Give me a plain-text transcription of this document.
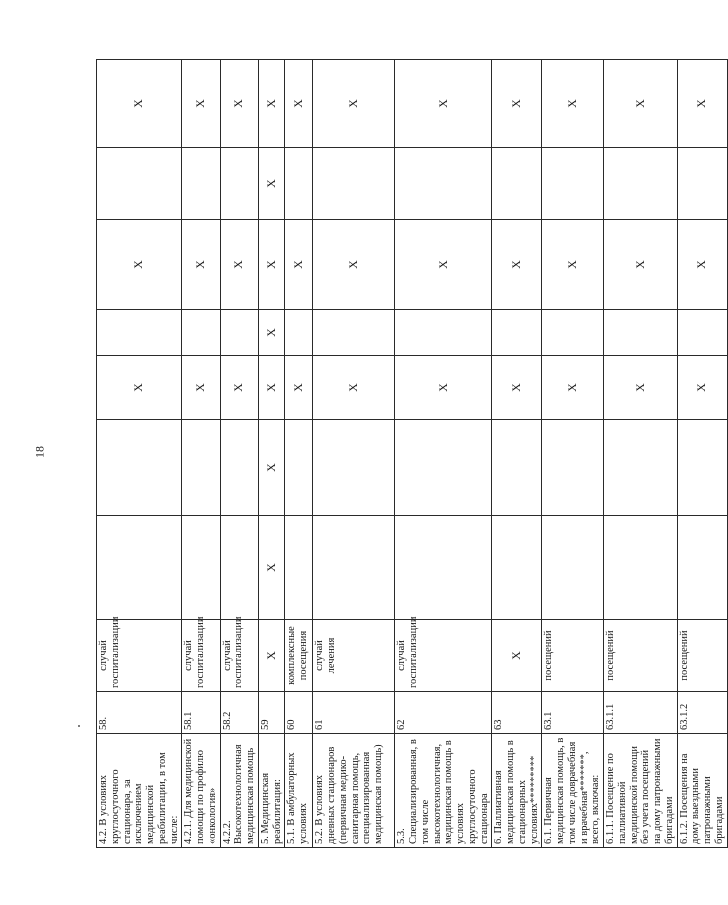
18
4.2. В условиях круглосуточного стационара, за исключением медицинской реабилитации, в том числе:	58.	случай госпитализации			X		X		X
4.2.1. Для медицинской помощи по профилю «онкология»	58.1	случай госпитализации			X		X		X
4.2.2. Высокотехнологичная медицинская помощь	58.2	случай госпитализации			X		X		X
5. Медицинская реабилитация:	59	X	X	X	X	X	X	X	X
5.1. В амбулаторных условиях	60	комплексные посещения			X		X		X
5.2. В условиях дневных стационаров (первичная медико-санитарная помощь, специализированная медицинская помощь)	61	случай лечения			X		X		X
5.3. Специализированная, в том числе высокотехнологичная, медицинская помощь в условиях круглосуточного стационара	62	случай госпитализации			X		X		X
6. Паллиативная медицинская помощь в стационарных условиях*********	63	X			X		X		X
6.1. Первичная медицинская помощь, в том числе доврачебная и врачебная*******, всего, включая:	63.1	посещений			X		X		X
6.1.1. Посещение по паллиативной медицинской помощи без учета посещений на дому патронажными бригадами	63.1.1	посещений			X		X		X
6.1.2. Посещения на дому выездными патронажными бригадами	63.1.2	посещений			X		X		X
